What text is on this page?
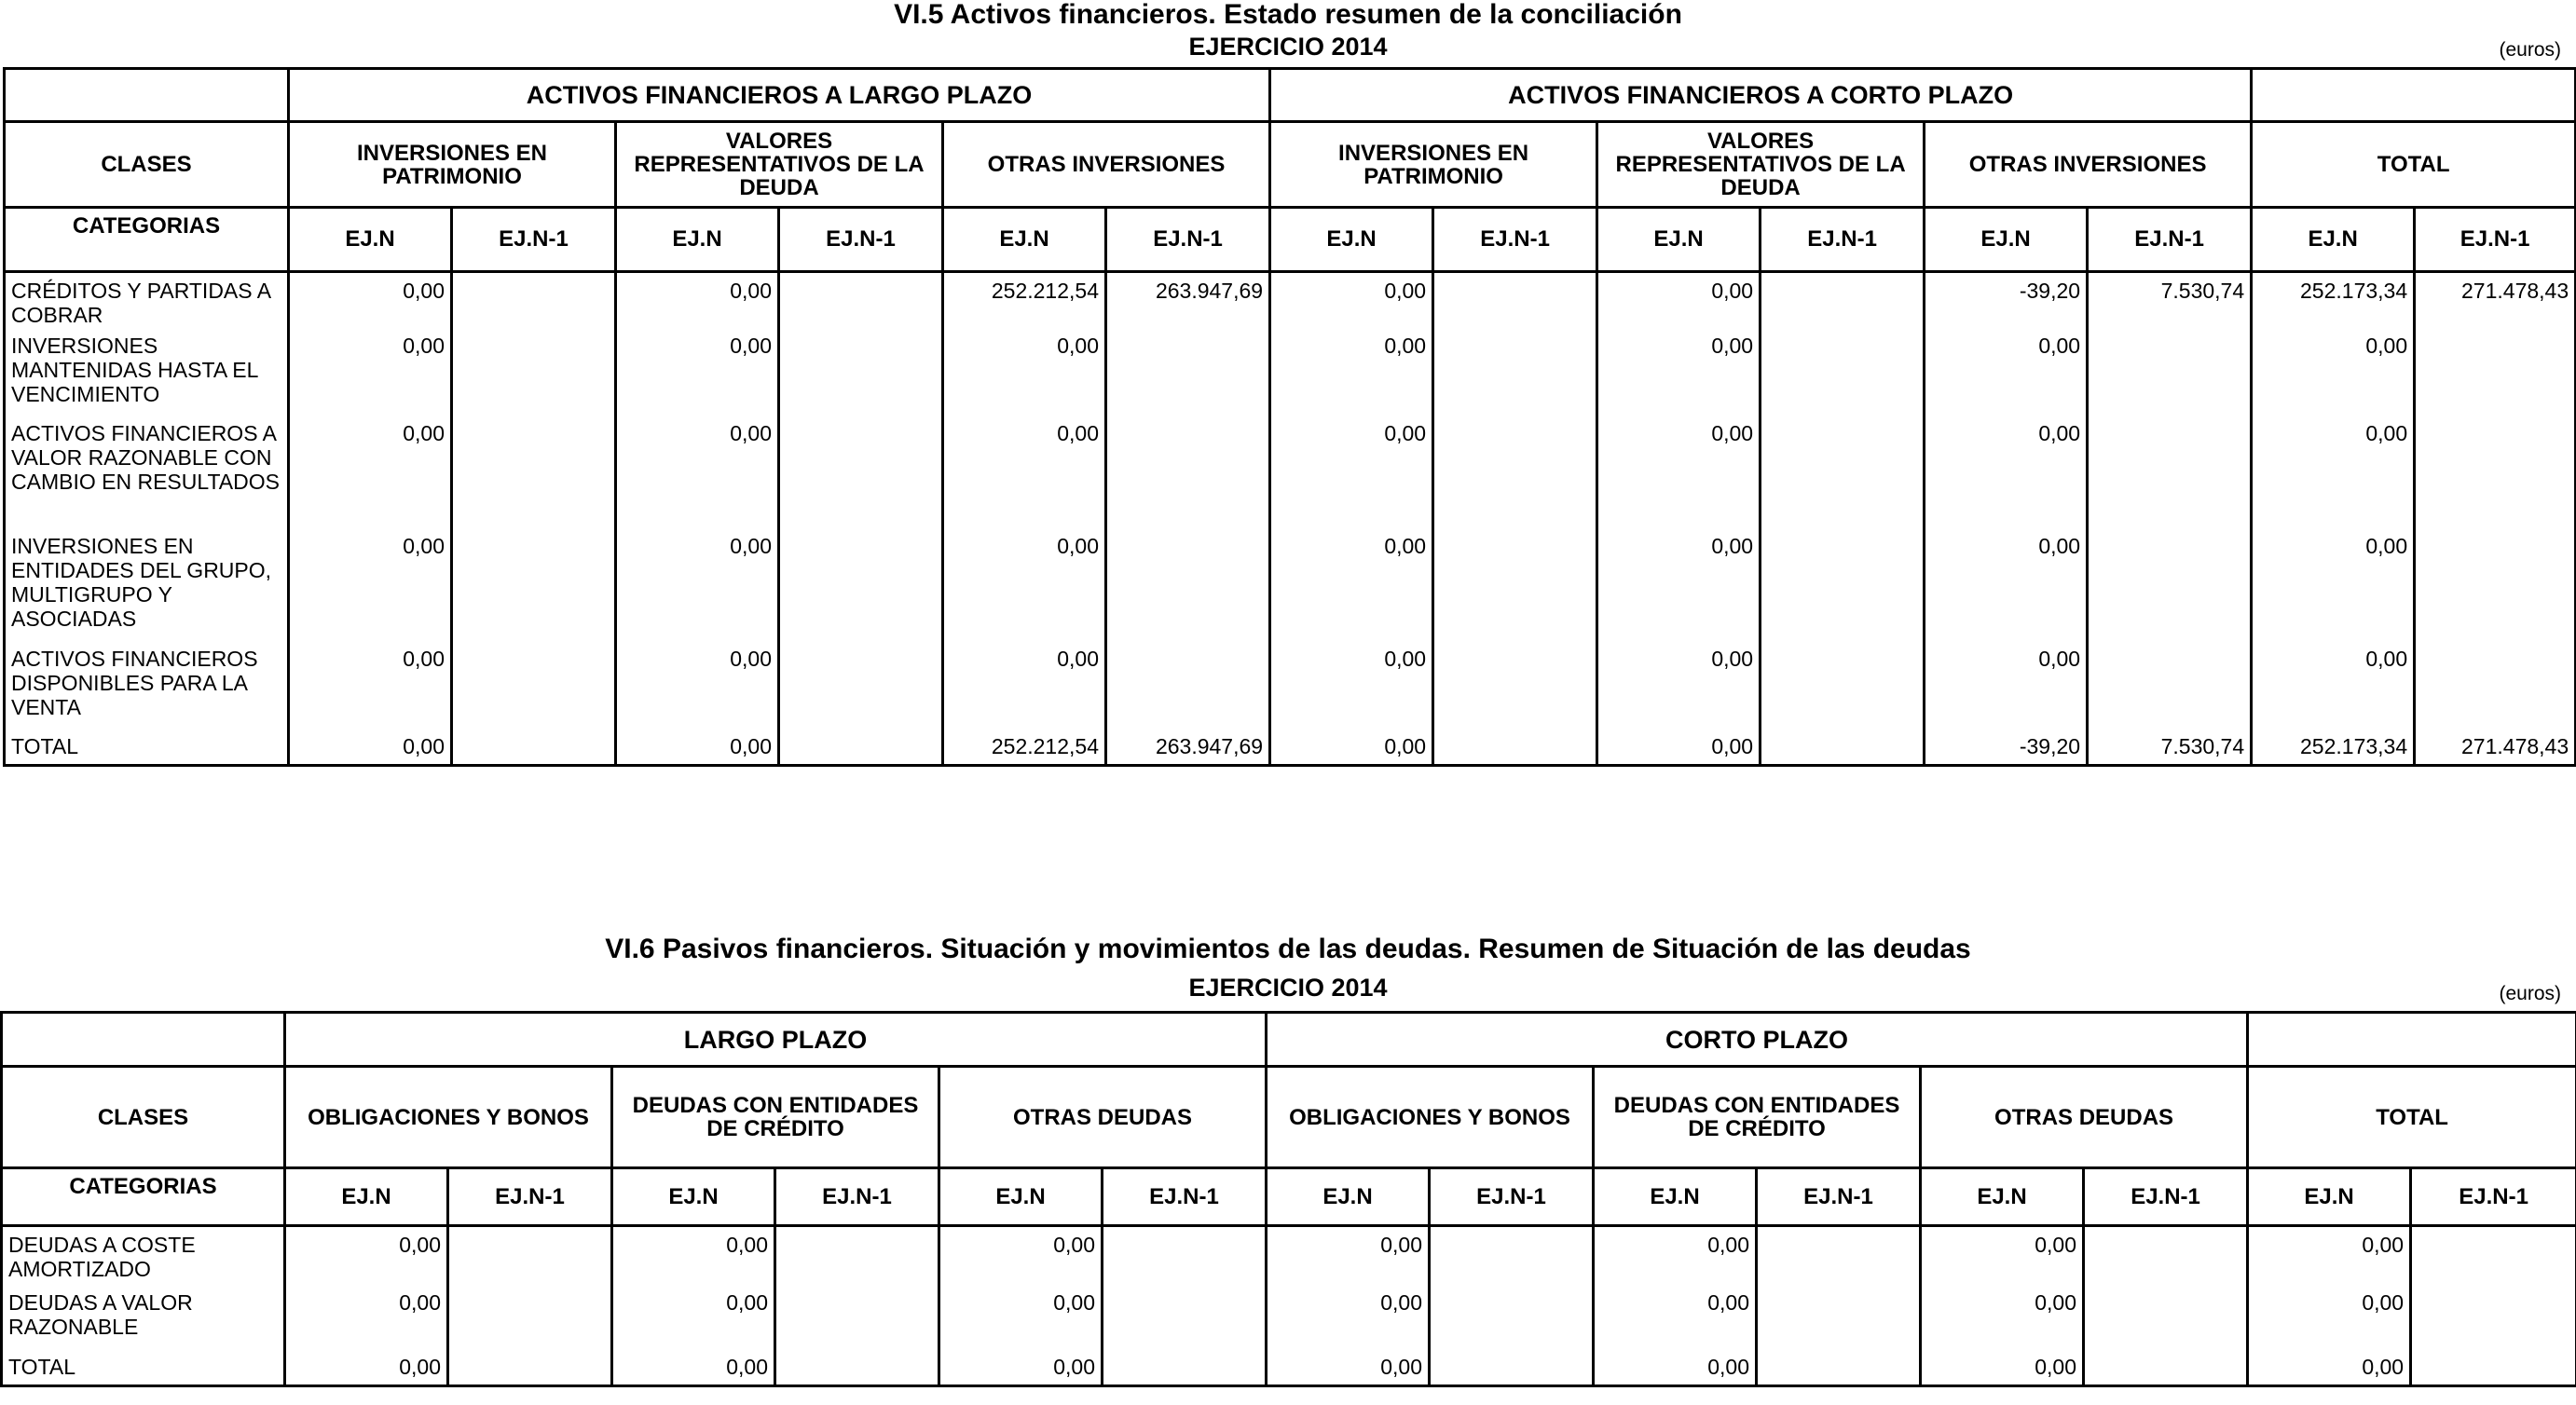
VI.5 Activos financieros. Estado resumen de la conciliación
EJERCICIO 2014	(euros)
	ACTIVOS FINANCIEROS A LARGO PLAZO						ACTIVOS FINANCIEROS A CORTO PLAZO							
CLASES	INVERSIONES EN PATRIMONIO		VALORES REPRESENTATIVOS DE LA DEUDA		OTRAS INVERSIONES		INVERSIONES EN PATRIMONIO		VALORES REPRESENTATIVOS DE LA DEUDA		OTRAS INVERSIONES		TOTAL	
CATEGORIAS	EJ.N	EJ.N-1	EJ.N	EJ.N-1	EJ.N	EJ.N-1	EJ.N	EJ.N-1	EJ.N	EJ.N-1	EJ.N	EJ.N-1	EJ.N	EJ.N-1
CRÉDITOS Y PARTIDAS A COBRAR	0,00		0,00		252.212,54	263.947,69	0,00		0,00		-39,20	7.530,74	252.173,34	271.478,43
INVERSIONES MANTENIDAS HASTA EL VENCIMIENTO	0,00		0,00		0,00		0,00		0,00		0,00		0,00	
ACTIVOS FINANCIEROS A VALOR RAZONABLE CON CAMBIO EN RESULTADOS	0,00		0,00		0,00		0,00		0,00		0,00		0,00	
INVERSIONES EN ENTIDADES DEL GRUPO, MULTIGRUPO Y ASOCIADAS	0,00		0,00		0,00		0,00		0,00		0,00		0,00	
ACTIVOS FINANCIEROS DISPONIBLES PARA LA VENTA	0,00		0,00		0,00		0,00		0,00		0,00		0,00	
TOTAL	0,00		0,00		252.212,54	263.947,69	0,00		0,00		-39,20	7.530,74	252.173,34	271.478,43
VI.6 Pasivos financieros. Situación y movimientos de las deudas. Resumen de Situación de las deudas
EJERCICIO 2014	(euros)
	LARGO PLAZO						CORTO PLAZO							
CLASES	OBLIGACIONES Y BONOS		DEUDAS CON ENTIDADES DE CRÉDITO		OTRAS DEUDAS		OBLIGACIONES Y BONOS		DEUDAS CON ENTIDADES DE CRÉDITO		OTRAS DEUDAS		TOTAL	
CATEGORIAS	EJ.N	EJ.N-1	EJ.N	EJ.N-1	EJ.N	EJ.N-1	EJ.N	EJ.N-1	EJ.N	EJ.N-1	EJ.N	EJ.N-1	EJ.N	EJ.N-1
DEUDAS A COSTE AMORTIZADO	0,00		0,00		0,00		0,00		0,00		0,00		0,00	
DEUDAS A VALOR RAZONABLE	0,00		0,00		0,00		0,00		0,00		0,00		0,00	
TOTAL	0,00		0,00		0,00		0,00		0,00		0,00		0,00	
